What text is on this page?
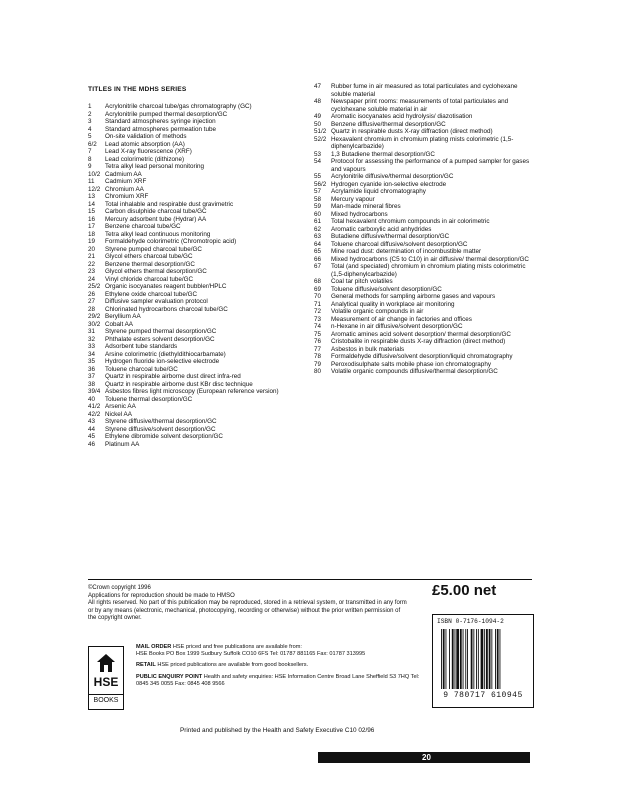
TITLES IN THE MDHS SERIES
1	Acrylonitrile charcoal tube/gas chromatography (GC)
2	Acrylonitrile pumped thermal desorption/GC
3	Standard atmospheres syringe injection
4	Standard atmospheres permeation tube
5	On-site validation of methods
6/2	Lead atomic absorption (AA)
7	Lead X-ray fluorescence (XRF)
8	Lead colorimetric (dithizone)
9	Tetra alkyl lead personal monitoring
10/2 Cadmium AA
11	Cadmium XRF
12/2 Chromium AA
13	Chromium XRF
14	Total inhalable and respirable dust gravimetric
15	Carbon disulphide charcoal tube/GC
16	Mercury adsorbent tube (Hydrar) AA
17	Benzene charcoal tube/GC
18	Tetra alkyl lead continuous monitoring
19	Formaldehyde colorimetric (Chromotropic acid)
20	Styrene pumped charcoal tube/GC
21	Glycol ethers charcoal tube/GC
22	Benzene thermal desorption/GC
23	Glycol ethers thermal desorption/GC
24	Vinyl chloride charcoal tube/GC
25/2 Organic isocyanates reagent bubbler/HPLC
26	Ethylene oxide charcoal tube/GC
27	Diffusive sampler evaluation protocol
28	Chlorinated hydrocarbons charcoal tube/GC
29/2 Beryllium AA
30/2 Cobalt AA
31	Styrene pumped thermal desorption/GC
32	Phthalate esters solvent desorption/GC
33	Adsorbent tube standards
34	Arsine colorimetric (diethyldithiocarbamate)
35	Hydrogen fluoride ion-selective electrode
36	Toluene charcoal tube/GC
37	Quartz in respirable airborne dust direct infra-red
38	Quartz in respirable airborne dust KBr disc technique
39/4 Asbestos fibres light microscopy (European reference version)
40	Toluene thermal desorption/GC
41/2 Arsenic AA
42/2 Nickel AA
43	Styrene diffusive/thermal desorption/GC
44	Styrene diffusive/solvent desorption/GC
45	Ethylene dibromide solvent desorption/GC
46	Platinum AA
47	Rubber fume in air measured as total particulates and cyclohexane soluble material
48	Newspaper print rooms: measurements of total particulates and cyclohexane soluble material in air
49	Aromatic isocyanates acid hydrolysis/ diazotisation
50	Benzene diffusive/thermal desorption/GC
51/2 Quartz in respirable dusts X-ray diffraction (direct method)
52/2 Hexavalent chromium in chromium plating mists colorimetric (1,5-diphenylcarbazide)
53	1,3 Butadiene thermal desorption/GC
54	Protocol for assessing the performance of a pumped sampler for gases and vapours
55	Acrylonitrile diffusive/thermal desorption/GC
56/2 Hydrogen cyanide ion-selective electrode
57	Acrylamide liquid chromatography
58	Mercury vapour
59	Man-made mineral fibres
60	Mixed hydrocarbons
61	Total hexavalent chromium compounds in air colorimetric
62	Aromatic carboxylic acid anhydrides
63	Butadiene diffusive/thermal desorption/GC
64	Toluene charcoal diffusive/solvent desorption/GC
65	Mine road dust: determination of incombustible matter
66	Mixed hydrocarbons (C5 to C10) in air diffusive/ thermal desorption/GC
67	Total (and speciated) chromium in chromium plating mists colorimetric (1,5-diphenylcarbazide)
68	Coal tar pitch volatiles
69	Toluene diffusive/solvent desorption/GC
70	General methods for sampling airborne gases and vapours
71	Analytical quality in workplace air monitoring
72	Volatile organic compounds in air
73	Measurement of air change in factories and offices
74	n-Hexane in air diffusive/solvent desorption/GC
75	Aromatic amines acid solvent desorption/ thermal desorption/GC
76	Cristobalite in respirable dusts X-ray diffraction (direct method)
77	Asbestos in bulk materials
78	Formaldehyde diffusive/solvent desorption/liquid chromatography
79	Peroxodisulphate salts mobile phase ion chromatography
80	Volatile organic compounds diffusive/thermal desorption/GC
©Crown copyright 1996
Applications for reproduction should be made to HMSO
All rights reserved. No part of this publication may be reproduced, stored in a retrieval system, or transmitted in any form or by any means (electronic, mechanical, photocopying, recording or otherwise) without the prior written permission of the copyright owner.
£5.00 net
ISBN 0-7176-1094-2
9 780717 610945
HSE
BOOKS

MAIL ORDER HSE priced and free publications are available from:
HSE Books PO Box 1999 Sudbury Suffolk CO10 6FS Tel: 01787 881165 Fax: 01787 313995

RETAIL HSE priced publications are available from good booksellers.

PUBLIC ENQUIRY POINT Health and safety enquiries: HSE Information Centre Broad Lane Sheffield S3 7HQ Tel: 0845 345 0055 Fax: 0845 408 9566

Printed and published by the Health and Safety Executive C10 02/96
20
